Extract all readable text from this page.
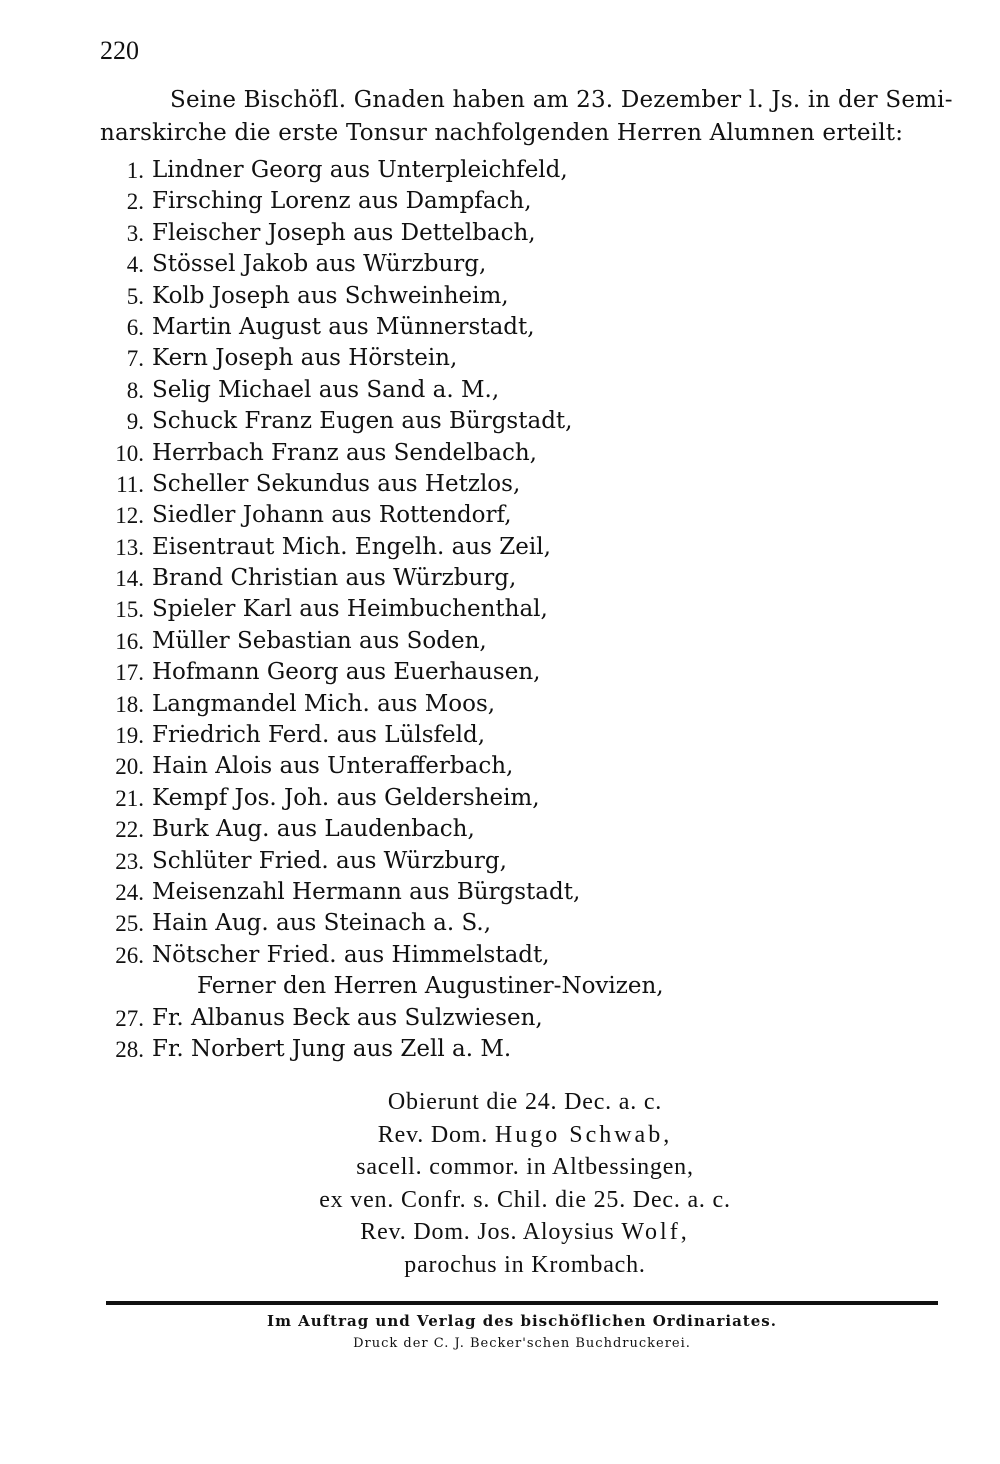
220
Seine Bischöfl. Gnaden haben am 23. Dezember l. Js. in der Semi-
narskirche die erste Tonsur nachfolgenden Herren Alumnen erteilt:
1. Lindner Georg aus Unterpleichfeld,
2. Firsching Lorenz aus Dampfach,
3. Fleischer Joseph aus Dettelbach,
4. Stössel Jakob aus Würzburg,
5. Kolb Joseph aus Schweinheim,
6. Martin August aus Münnerstadt,
7. Kern Joseph aus Hörstein,
8. Selig Michael aus Sand a. M.,
9. Schuck Franz Eugen aus Bürgstadt,
10. Herrbach Franz aus Sendelbach,
11. Scheller Sekundus aus Hetzlos,
12. Siedler Johann aus Rottendorf,
13. Eisentraut Mich. Engelh. aus Zeil,
14. Brand Christian aus Würzburg,
15. Spieler Karl aus Heimbuchenthal,
16. Müller Sebastian aus Soden,
17. Hofmann Georg aus Euerhausen,
18. Langmandel Mich. aus Moos,
19. Friedrich Ferd. aus Lülsfeld,
20. Hain Alois aus Unterafferbach,
21. Kempf Jos. Joh. aus Geldersheim,
22. Burk Aug. aus Laudenbach,
23. Schlüter Fried. aus Würzburg,
24. Meisenzahl Hermann aus Bürgstadt,
25. Hain Aug. aus Steinach a. S.,
26. Nötscher Fried. aus Himmelstadt,
Ferner den Herren Augustiner-Novizen,
27. Fr. Albanus Beck aus Sulzwiesen,
28. Fr. Norbert Jung aus Zell a. M.
Obierunt die 24. Dec. a. c.
Rev. Dom. Hugo Schwab,
sacell. commor. in Altbessingen,
ex ven. Confr. s. Chil. die 25. Dec. a. c.
Rev. Dom. Jos. Aloysius Wolf,
parochus in Krombach.
Im Auftrag und Verlag des bischöflichen Ordinariates.
Druck der C. J. Becker'schen Buchdruckerei.
